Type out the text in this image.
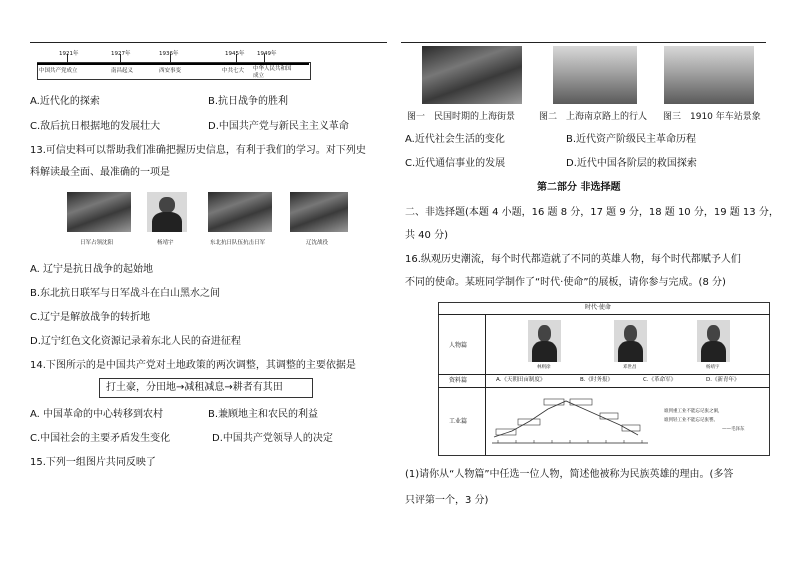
1921年
中国共产党成立
1927年
南昌起义
1936年
西安事变
1945年
中共七大
1949年
中华人民共和国成立
A.近代化的探索	B.抗日战争的胜利
C.敌后抗日根据地的发展壮大	D.中国共产党与新民主主义革命
13.可信史料可以帮助我们准确把握历史信息，有利于我们的学习。对下列史
料解读最全面、最准确的一项是
日军占领沈阳	杨靖宇	东北抗日队伍抗击日军	辽沈战役
A. 辽宁是抗日战争的起始地
B.东北抗日联军与日军战斗在白山黑水之间
C.辽宁是解放战争的转折地
D.辽宁红色文化资源记录着东北人民的奋进征程
14.下图所示的是中国共产党对土地政策的两次调整，其调整的主要依据是
打土豪，分田地→减租减息→耕者有其田
A. 中国革命的中心转移到农村	B.兼顾地主和农民的利益
C.中国社会的主要矛盾发生变化	D.中国共产党领导人的决定
15.下列一组图片共同反映了
图一　民国时期的上海街景	图二　上海南京路上的行人 图三　1910 年车站景象
A.近代社会生活的变化	B.近代资产阶级民主革命历程
C.近代通信事业的发展	D.近代中国各阶层的救国探索
第二部分 非选择题
二、非选择题(本题 4 小题，16 题 8 分，17 题 9 分，18 题 10 分，19 题 13 分，
共 40 分)
16.纵观历史潮流，每个时代都造就了不同的英雄人物，每个时代都赋予人们
不同的使命。某班同学制作了“时代·使命”的展板，请你参与完成。(8 分)
时代·使命
人物篇
林则徐	邓世昌	杨靖宇
资料篇	A.《天朝田亩制度》	B.《时务报》	C.《革命军》	D.《新青年》
工业篇
谁到重工业不能忘记张之洞，
谁到轻工业不能忘记张謇。
——毛泽东
(1)请你从“人物篇”中任选一位人物，简述他被称为民族英雄的理由。(多答
只评第一个，3 分)
